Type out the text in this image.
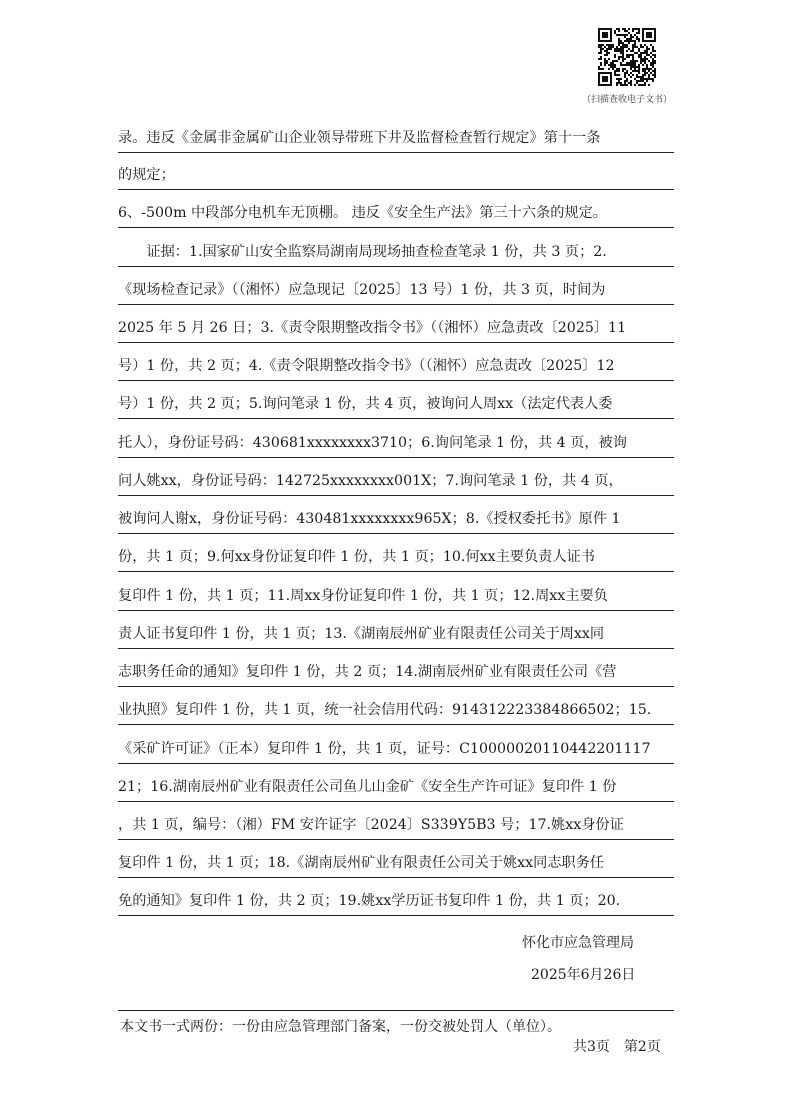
（扫描查收电子文书）
录。违反《金属非金属矿山企业领导带班下井及监督检查暂行规定》第十一条
的规定；
6、-500m 中段部分电机车无顶棚。 违反《安全生产法》第三十六条的规定。
　　证据：1.国家矿山安全监察局湖南局现场抽查检查笔录 1 份，共 3 页；2.
《现场检查记录》（（湘怀）应急现记〔2025〕13 号）1 份，共 3 页，时间为
2025 年 5 月 26 日；3.《责令限期整改指令书》（（湘怀）应急责改〔2025〕11
号）1 份，共 2 页；4.《责令限期整改指令书》（（湘怀）应急责改〔2025〕12
号）1 份，共 2 页；5.询问笔录 1 份，共 4 页，被询问人周xx（法定代表人委
托人），身份证号码：430681xxxxxxxx3710；6.询问笔录 1 份，共 4 页，被询
问人姚xx，身份证号码：142725xxxxxxxx001X；7.询问笔录 1 份，共 4 页，
被询问人谢x，身份证号码：430481xxxxxxxx965X；8.《授权委托书》原件 1
份，共 1 页；9.何xx身份证复印件 1 份，共 1 页；10.何xx主要负责人证书
复印件 1 份，共 1 页；11.周xx身份证复印件 1 份，共 1 页；12.周xx主要负
责人证书复印件 1 份，共 1 页；13.《湖南辰州矿业有限责任公司关于周xx同
志职务任命的通知》复印件 1 份，共 2 页；14.湖南辰州矿业有限责任公司《营
业执照》复印件 1 份，共 1 页，统一社会信用代码：914312223384866502；15.
《采矿许可证》（正本）复印件 1 份，共 1 页，证号：C10000020110442201117
21；16.湖南辰州矿业有限责任公司鱼儿山金矿《安全生产许可证》复印件 1 份
，共 1 页，编号：（湘）FM 安许证字〔2024〕S339Y5B3 号；17.姚xx身份证
复印件 1 份，共 1 页；18.《湖南辰州矿业有限责任公司关于姚xx同志职务任
免的通知》复印件 1 份，共 2 页；19.姚xx学历证书复印件 1 份，共 1 页；20.
怀化市应急管理局
2025年6月26日
本文书一式两份：一份由应急管理部门备案，一份交被处罚人（单位）。
共3页　第2页
